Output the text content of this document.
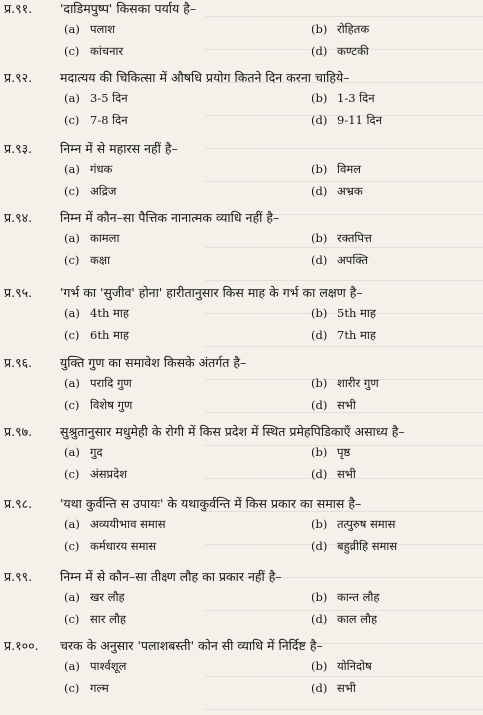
प्र.९१.	'दाडिमपुष्प' किसका पर्याय है–
(a) पलाश	(b) रोहितक
(c) कांचनार	(d) कण्टकी
प्र.९२.	मदात्यय की चिकित्सा में औषधि प्रयोग कितने दिन करना चाहिये–
(a) 3-5 दिन	(b) 1-3 दिन
(c) 7-8 दिन	(d) 9-11 दिन
प्र.९३.	निम्न में से महारस नहीं है–
(a) गंधक	(b) विमल
(c) अद्रिज	(d) अभ्रक
प्र.९४.	निम्न में कौन–सा पैत्तिक नानात्मक व्याधि नहीं है–
(a) कामला	(b) रक्तपित्त
(c) कक्षा	(d) अपक्ति
प्र.९५.	'गर्भ का 'सुजीव' होना' हारीतानुसार किस माह के गर्भ का लक्षण है–
(a) 4th माह	(b) 5th माह
(c) 6th माह	(d) 7th माह
प्र.९६.	युक्ति गुण का समावेश किसके अंतर्गत है–
(a) परादि गुण	(b) शारीर गुण
(c) विशेष गुण	(d) सभी
प्र.९७.	सुश्रुतानुसार मधुमेही के रोगी में किस प्रदेश में स्थित प्रमेहपिडिकाएँ असाध्य है–
(a) गुद	(b) पृष्ठ
(c) अंसप्रदेश	(d) सभी
प्र.९८.	'यथा कुर्वन्ति स उपायः' के यथाकुर्वन्ति में किस प्रकार का समास है–
(a) अव्ययीभाव समास	(b) तत्पुरुष समास
(c) कर्मधारय समास	(d) बहुव्रीहि समास
प्र.९९.	निम्न में से कौन–सा तीक्ष्ण लौह का प्रकार नहीं है–
(a) खर लौह	(b) कान्त लौह
(c) सार लौह	(d) काल लौह
प्र.१००.	चरक के अनुसार 'पलाशबस्ती' कोन सी व्याधि में निर्दिष्ट है–
(a) पार्श्वशूल	(b) योनिदोष
(c) गल्म	(d) सभी
